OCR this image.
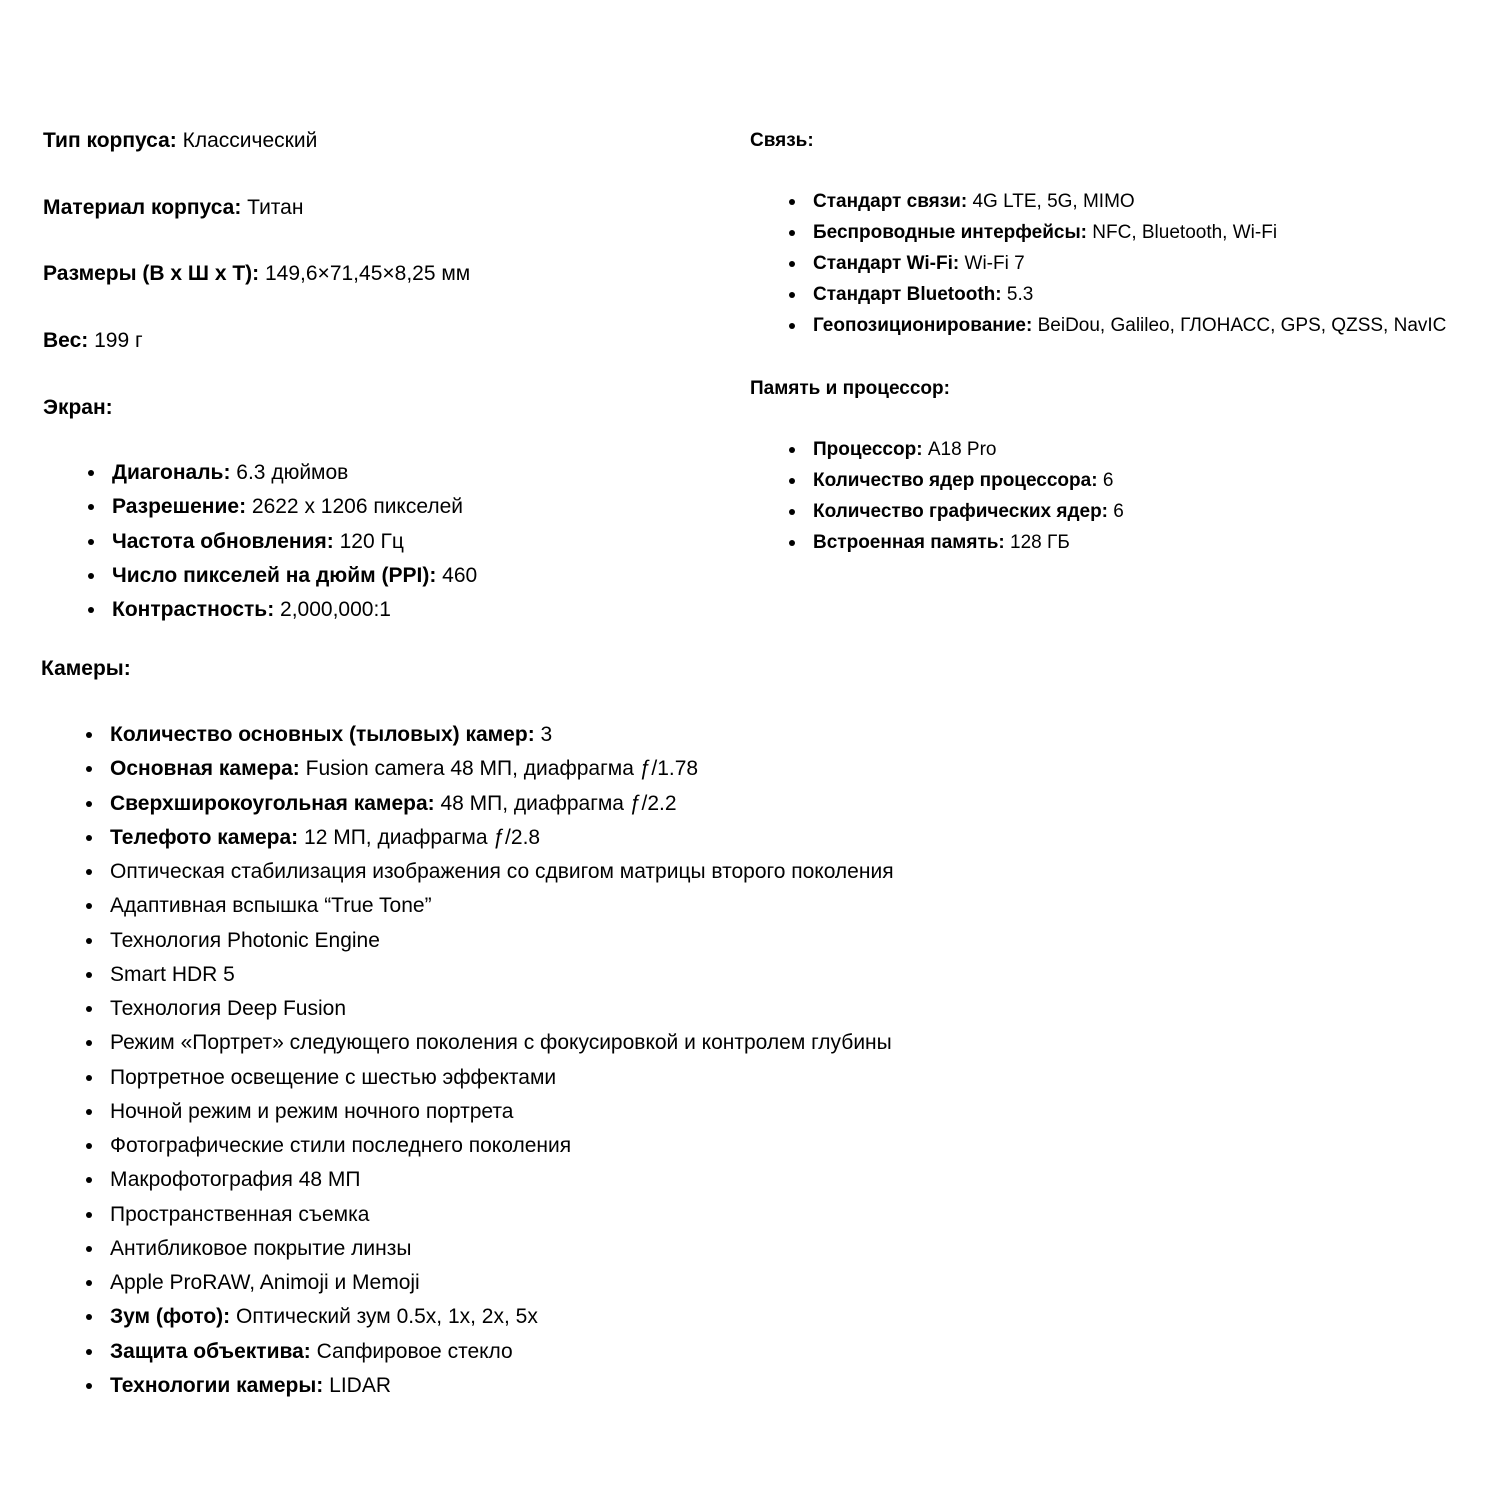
Тип корпуса: Классический
Материал корпуса: Титан
Размеры (В х Ш х Т): 149,6×71,45×8,25 мм
Вес: 199 г
Экран:
Диагональ: 6.3 дюймов
Разрешение: 2622 x 1206 пикселей
Частота обновления: 120 Гц
Число пикселей на дюйм (PPI): 460
Контрастность: 2,000,000:1
Камеры:
Количество основных (тыловых) камер: 3
Основная камера: Fusion camera 48 МП, диафрагма ƒ/1.78
Сверхширокоугольная камера: 48 МП, диафрагма ƒ/2.2
Телефото камера: 12 МП, диафрагма ƒ/2.8
Оптическая стабилизация изображения со сдвигом матрицы второго поколения
Адаптивная вспышка “True Tone”
Технология Photonic Engine
Smart HDR 5
Технология Deep Fusion
Режим «Портрет» следующего поколения с фокусировкой и контролем глубины
Портретное освещение с шестью эффектами
Ночной режим и режим ночного портрета
Фотографические стили последнего поколения
Макрофотография 48 МП
Пространственная съемка
Антибликовое покрытие линзы
Apple ProRAW, Animoji и Memoji
Зум (фото): Оптический зум 0.5x, 1x, 2x, 5x
Защита объектива: Сапфировое стекло
Технологии камеры: LIDAR
Связь:
Стандарт связи: 4G LTE, 5G, MIMO
Беспроводные интерфейсы: NFC, Bluetooth, Wi-Fi
Стандарт Wi-Fi: Wi-Fi 7
Стандарт Bluetooth: 5.3
Геопозиционирование: BeiDou, Galileo, ГЛОНАСС, GPS, QZSS, NavIC
Память и процессор:
Процессор: A18 Pro
Количество ядер процессора: 6
Количество графических ядер: 6
Встроенная память: 128 ГБ
